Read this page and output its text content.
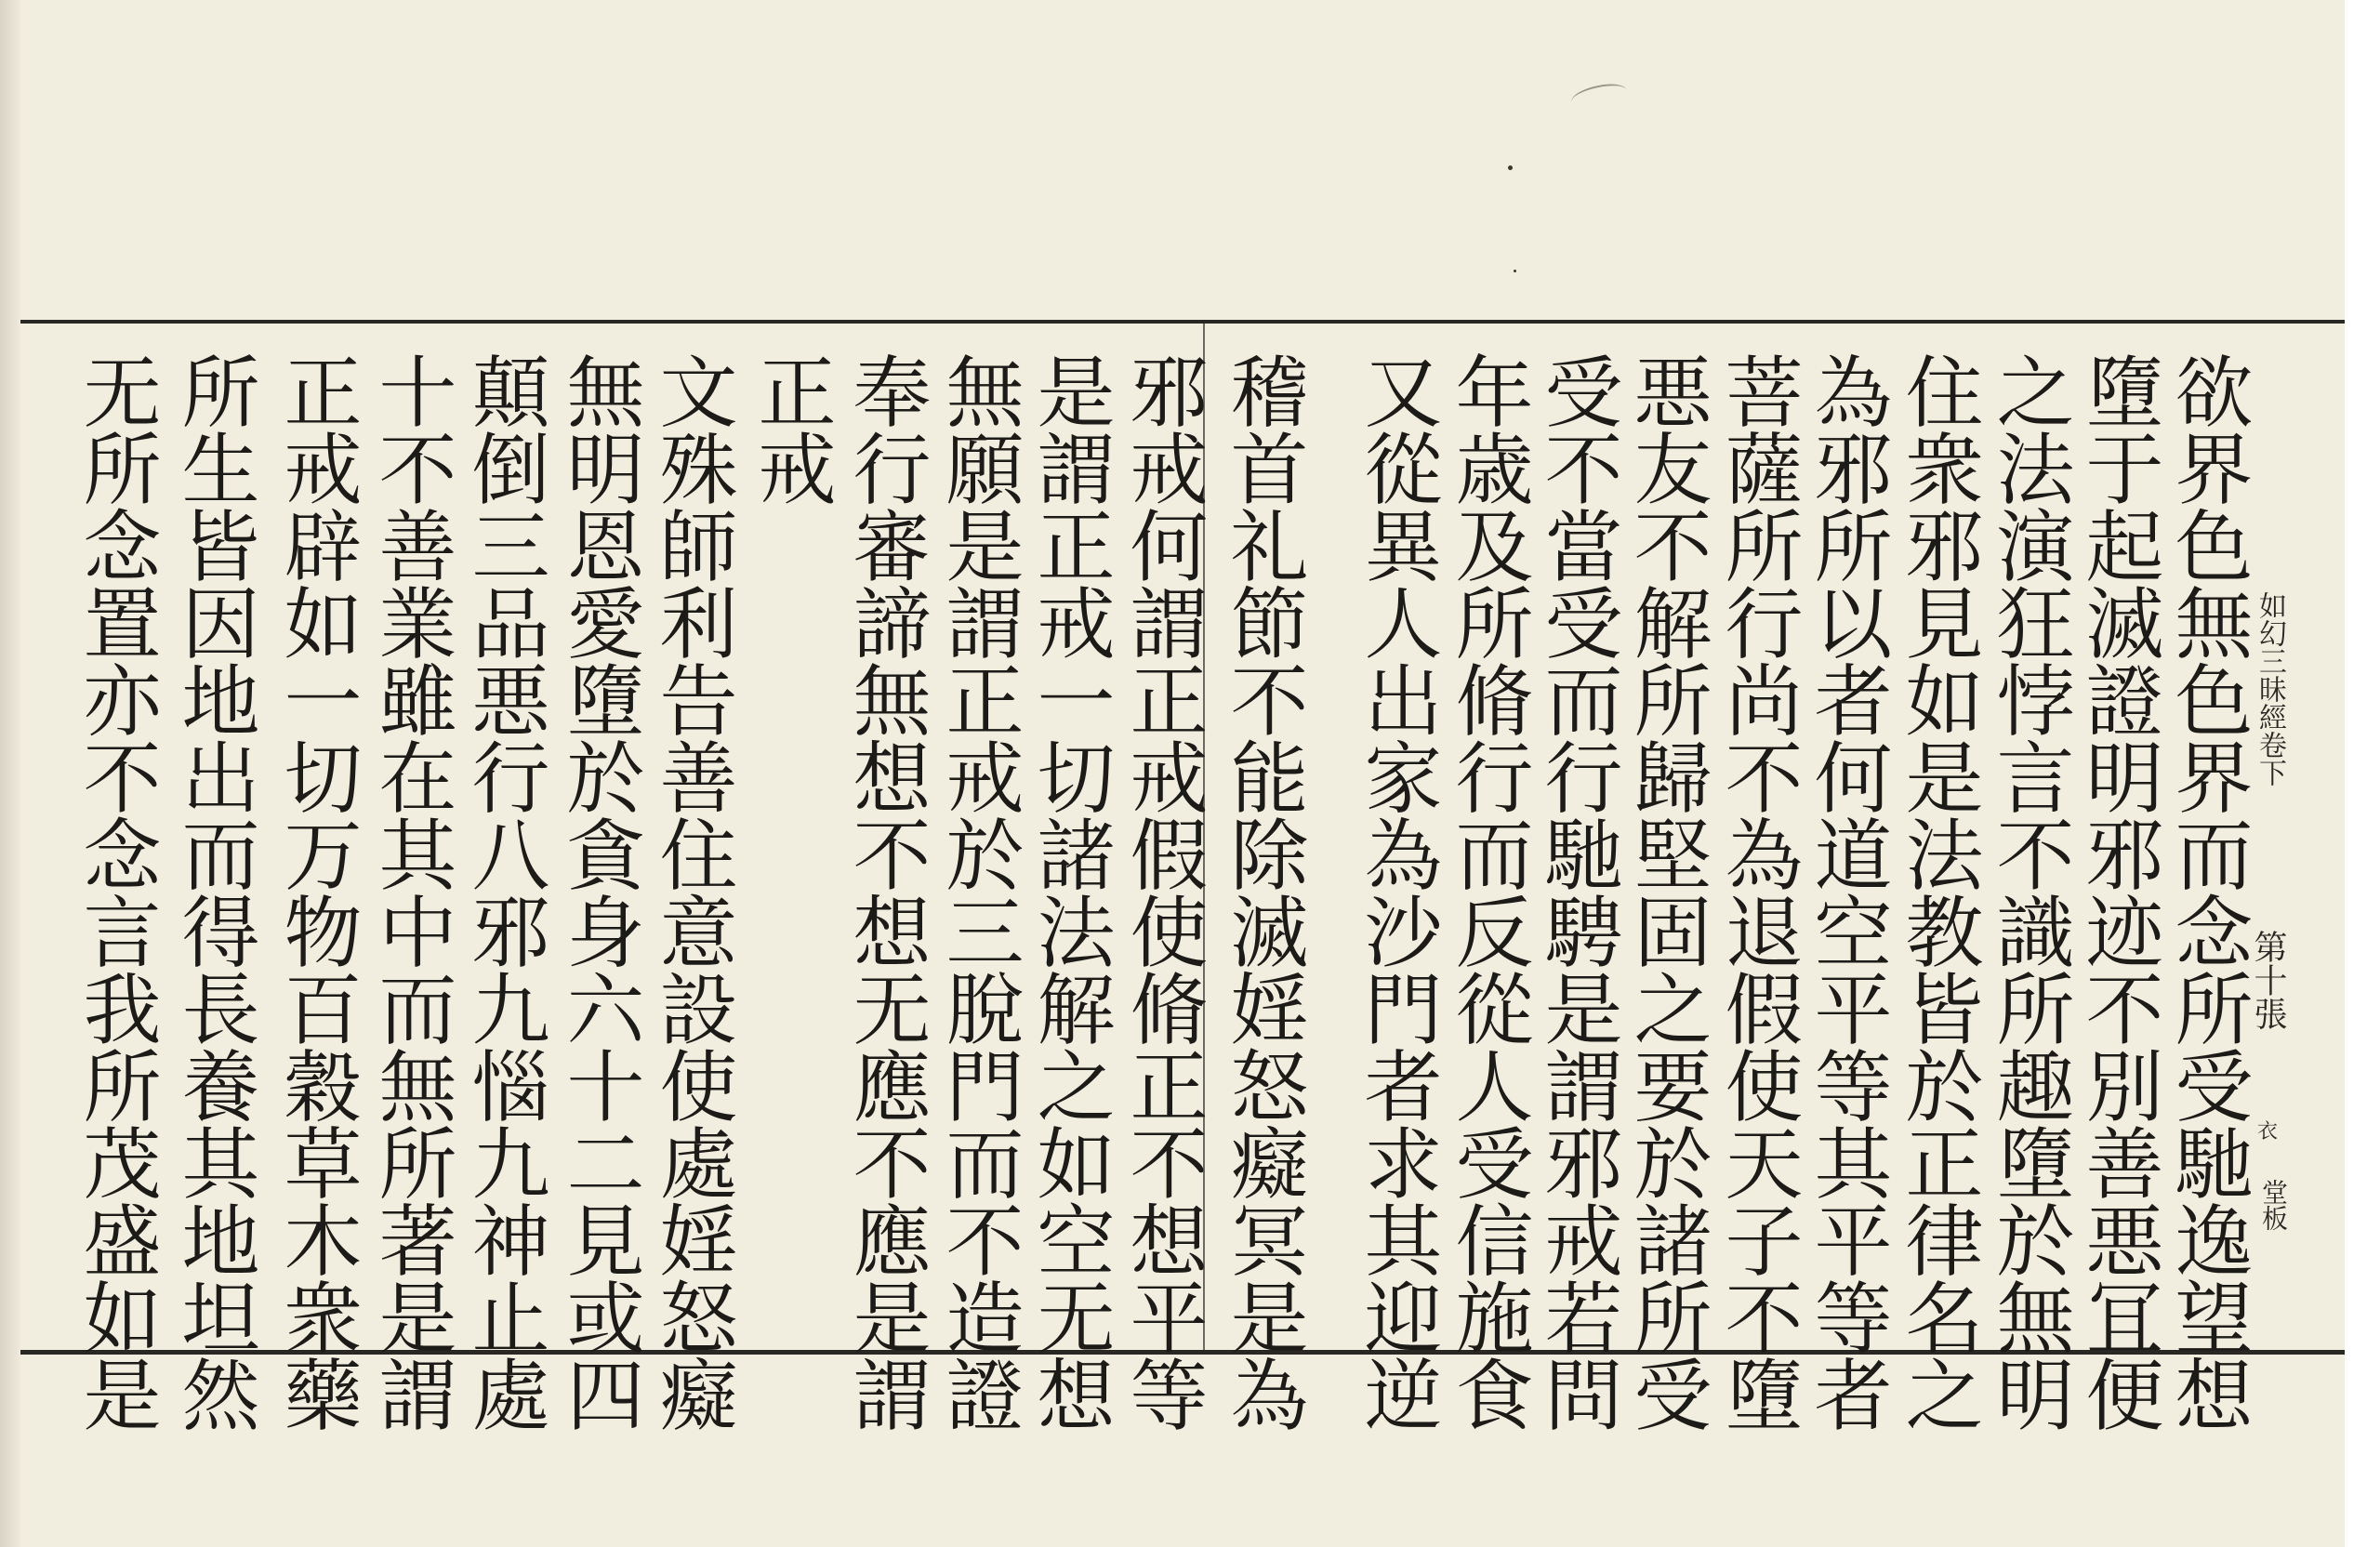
如幻三昧經卷下
第十張
衣
堂板
欲界色無色界而念所受馳逸望想
墮于起滅證明邪迹不別善悪冝便
之法演狂悖言不識所趣墮於無明
住衆邪見如是法教皆於正律名之
為邪所以者何道空平等其平等者
菩薩所行尚不為退假使天子不墮
悪友不解所歸堅固之要於諸所受
受不當受而行馳騁是謂邪戒若問
年歳及所脩行而反從人受信施食
又從異人出家為沙門者求其迎逆
稽首礼節不能除滅婬怒癡冥是為
邪戒何謂正戒假使脩正不想平等
是謂正戒一切諸法解之如空无想
無願是謂正戒於三脫門而不造證
奉行審諦無想不想无應不應是謂
正戒
文殊師利告善住意設使處婬怒癡
無明恩愛墮於貪身六十二見或四
顛倒三品悪行八邪九惱九神止處
十不善業雖在其中而無所著是謂
正戒辟如一切万物百穀草木衆藥
所生皆因地出而得長養其地坦然
无所念置亦不念言我所茂盛如是
